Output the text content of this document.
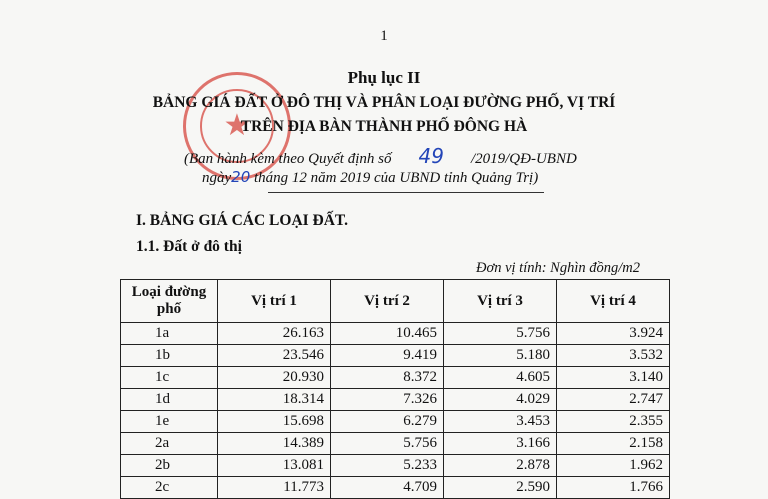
1
★
Phụ lục II
BẢNG GIÁ ĐẤT Ở ĐÔ THỊ VÀ PHÂN LOẠI ĐƯỜNG PHỐ, VỊ TRÍ
TRÊN ĐỊA BÀN THÀNH PHỐ ĐÔNG HÀ
(Ban hành kèm theo Quyết định số 49 /2019/QĐ-UBND
ngày20 tháng 12 năm 2019 của UBND tỉnh Quảng Trị)
I. BẢNG GIÁ CÁC LOẠI ĐẤT.
1.1. Đất ở đô thị
Đơn vị tính: Nghìn đồng/m2
Loại đường phố	Vị trí 1	Vị trí 2	Vị trí 3	Vị trí 4
1a	26.163	10.465	5.756	3.924
1b	23.546	9.419	5.180	3.532
1c	20.930	8.372	4.605	3.140
1d	18.314	7.326	4.029	2.747
1e	15.698	6.279	3.453	2.355
2a	14.389	5.756	3.166	2.158
2b	13.081	5.233	2.878	1.962
2c	11.773	4.709	2.590	1.766
